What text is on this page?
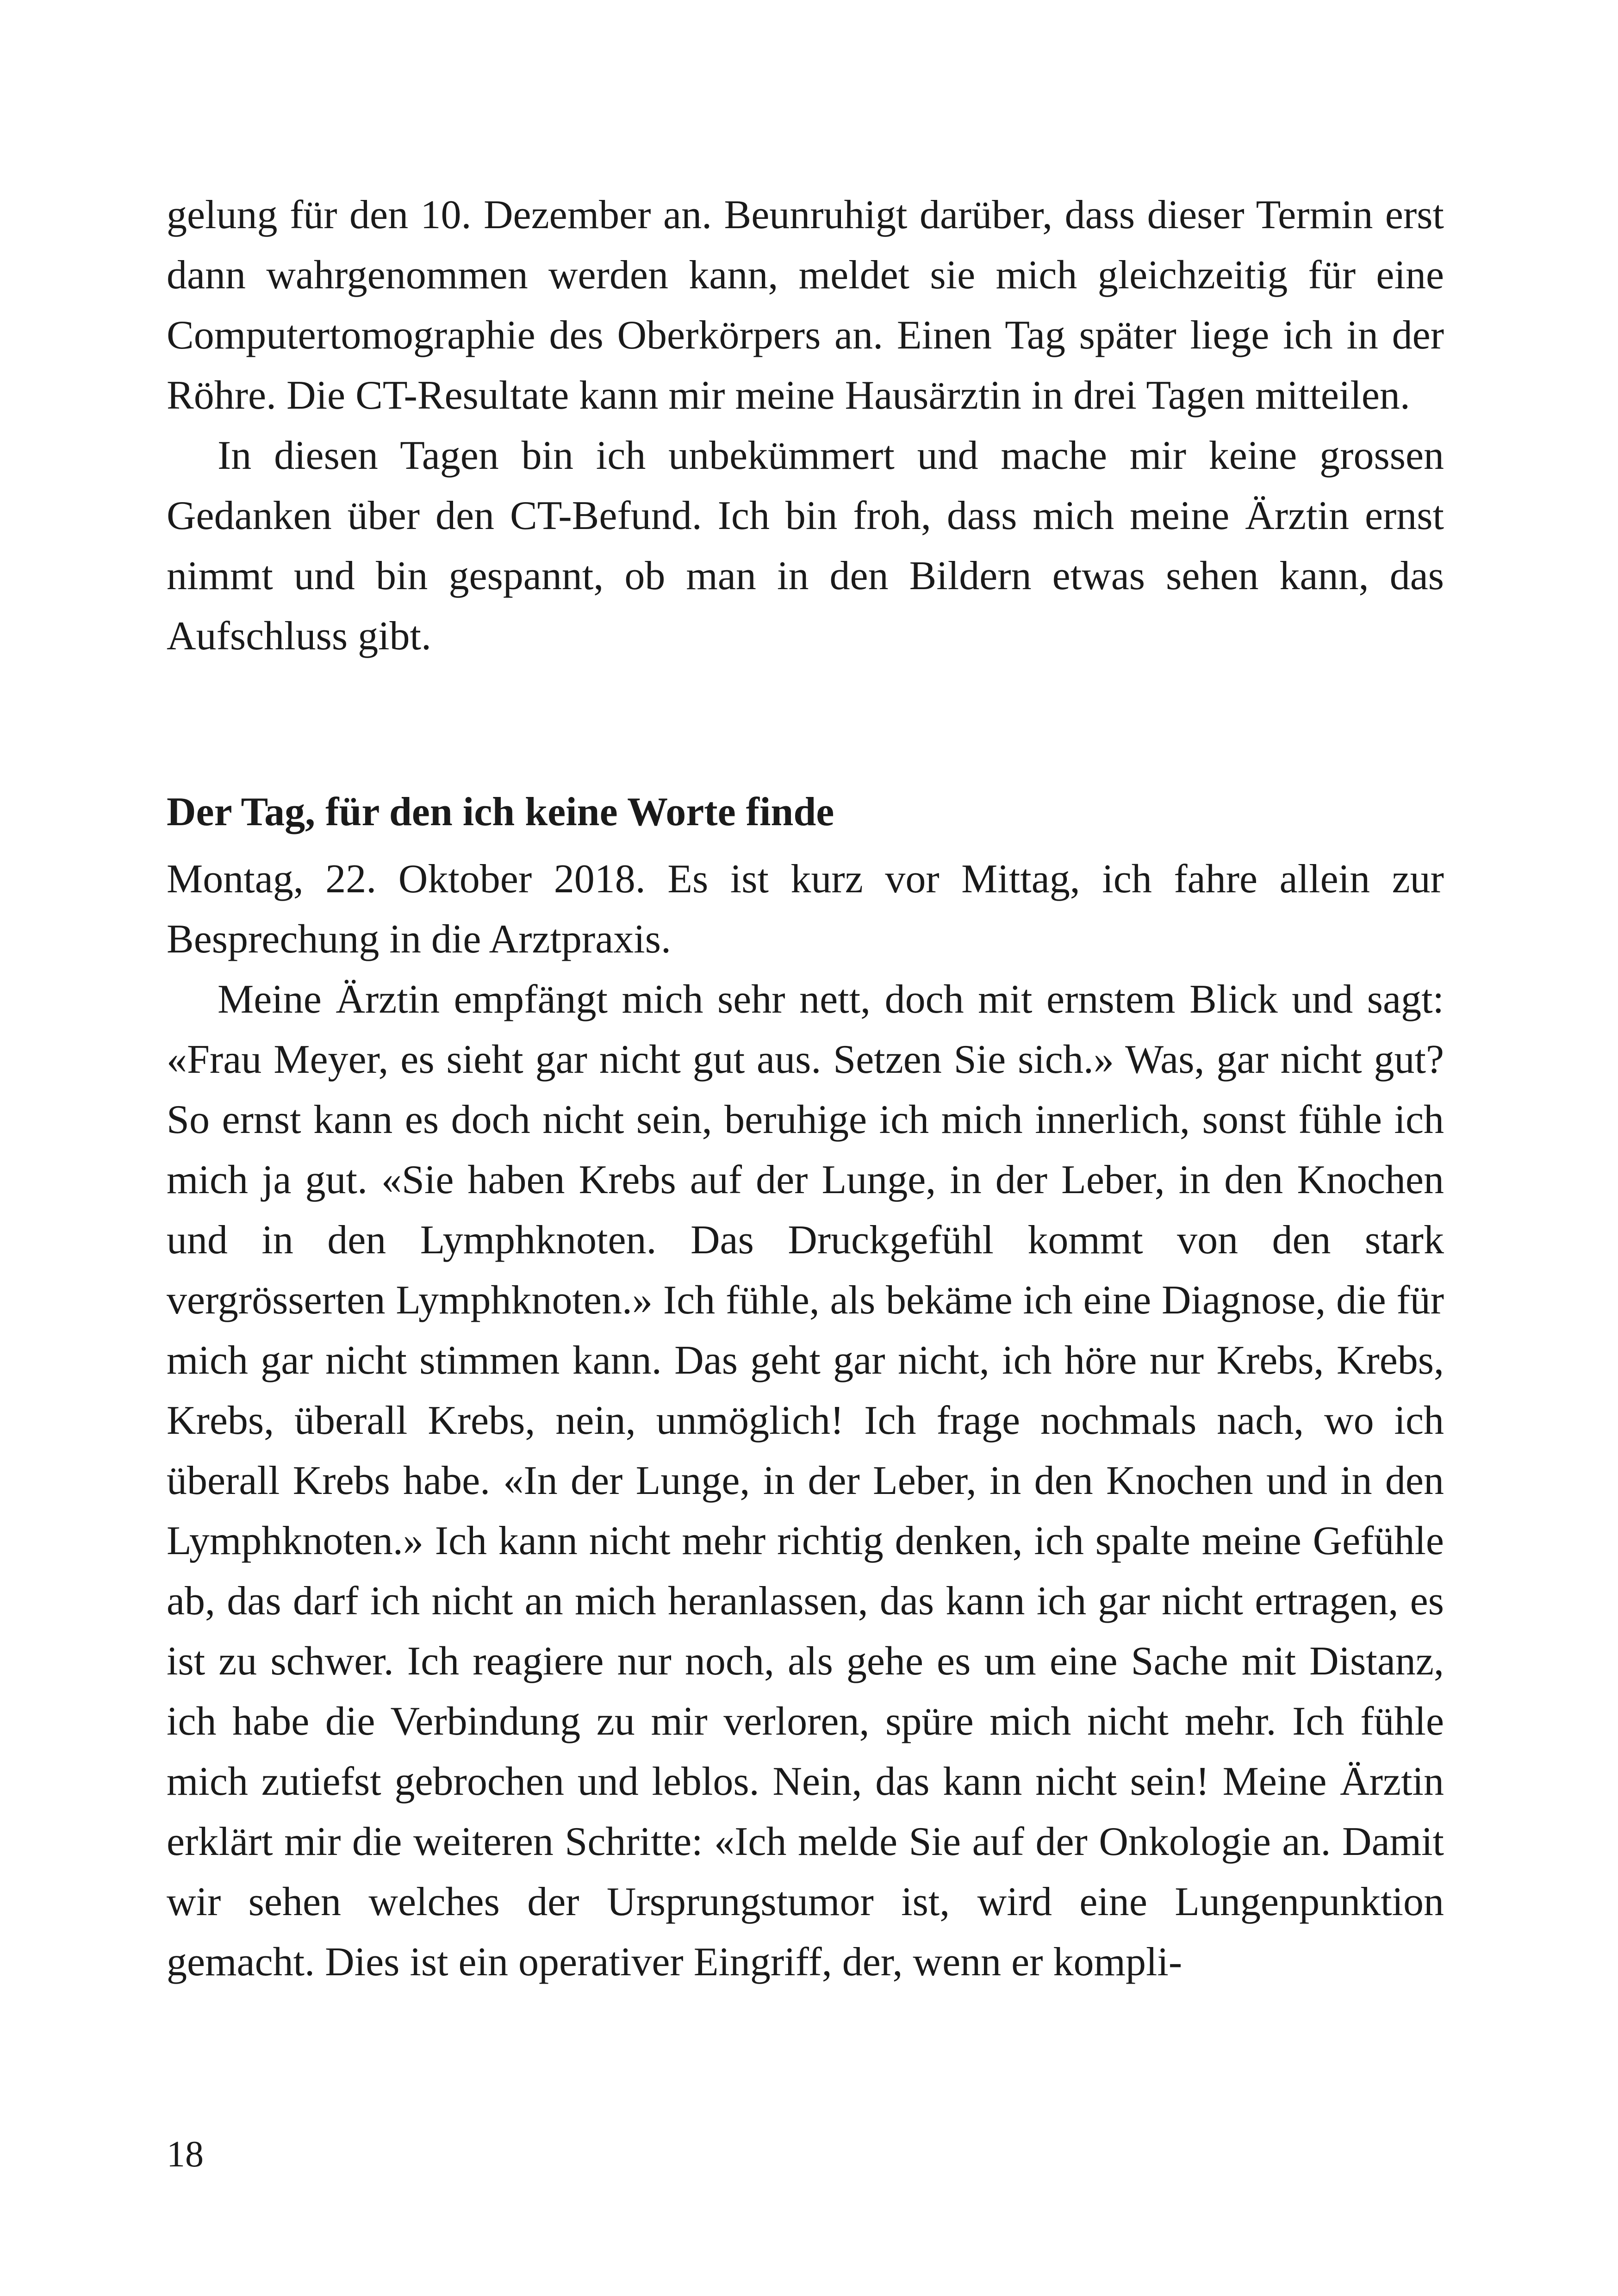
gelung für den 10. Dezember an. Beunruhigt darüber, dass dieser Termin erst dann wahrgenommen werden kann, meldet sie mich gleichzeitig für eine Computertomographie des Oberkörpers an. Einen Tag später liege ich in der Röhre. Die CT-Resultate kann mir meine Hausärztin in drei Tagen mitteilen.

In diesen Tagen bin ich unbekümmert und mache mir keine grossen Gedanken über den CT-Befund. Ich bin froh, dass mich meine Ärztin ernst nimmt und bin gespannt, ob man in den Bildern etwas sehen kann, das Aufschluss gibt.

Der Tag, für den ich keine Worte finde

Montag, 22. Oktober 2018. Es ist kurz vor Mittag, ich fahre allein zur Besprechung in die Arztpraxis.

Meine Ärztin empfängt mich sehr nett, doch mit ernstem Blick und sagt: «Frau Meyer, es sieht gar nicht gut aus. Setzen Sie sich.» Was, gar nicht gut? So ernst kann es doch nicht sein, beruhige ich mich innerlich, sonst fühle ich mich ja gut. «Sie haben Krebs auf der Lunge, in der Leber, in den Knochen und in den Lymphknoten. Das Druckgefühl kommt von den stark vergrösserten Lymphknoten.» Ich fühle, als bekäme ich eine Diagnose, die für mich gar nicht stimmen kann. Das geht gar nicht, ich höre nur Krebs, Krebs, Krebs, überall Krebs, nein, unmöglich! Ich frage nochmals nach, wo ich überall Krebs habe. «In der Lunge, in der Leber, in den Knochen und in den Lymphknoten.» Ich kann nicht mehr richtig denken, ich spalte meine Gefühle ab, das darf ich nicht an mich heranlassen, das kann ich gar nicht ertragen, es ist zu schwer. Ich reagiere nur noch, als gehe es um eine Sache mit Distanz, ich habe die Verbindung zu mir verloren, spüre mich nicht mehr. Ich fühle mich zutiefst gebrochen und leblos. Nein, das kann nicht sein! Meine Ärztin erklärt mir die weiteren Schritte: «Ich melde Sie auf der Onkologie an. Damit wir sehen welches der Ursprungstumor ist, wird eine Lungenpunktion gemacht. Dies ist ein operativer Eingriff, der, wenn er kompli-

18
